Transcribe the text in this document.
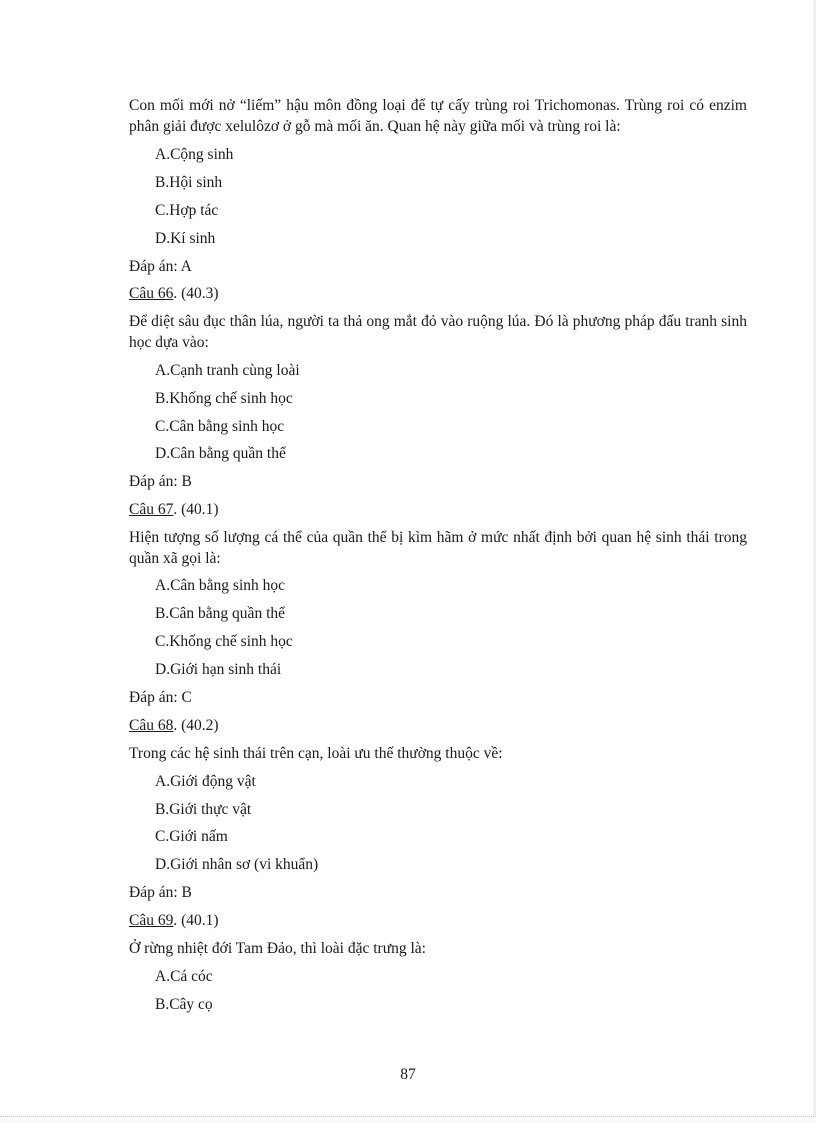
Con mối mới nở “liếm” hậu môn đồng loại để tự cấy trùng roi Trichomonas. Trùng roi có enzim phân giải được xelulôzơ ở gỗ mà mối ăn. Quan hệ này giữa mối và trùng roi là:

A.Cộng sinh
B.Hội sinh
C.Hợp tác
D.Kí sinh
Đáp án: A
Câu 66. (40.3)
Để diệt sâu đục thân lúa, người ta thả ong mắt đỏ vào ruộng lúa. Đó là phương pháp đấu tranh sinh học dựa vào:
A.Cạnh tranh cùng loài
B.Khống chế sinh học
C.Cân bằng sinh học
D.Cân bằng quần thể
Đáp án: B
Câu 67. (40.1)
Hiện tượng số lượng cá thể của quần thể bị kìm hãm ở mức nhất định bởi quan hệ sinh thái trong quần xã gọi là:
A.Cân bằng sinh học
B.Cân bằng quần thể
C.Khống chế sinh học
D.Giới hạn sinh thái
Đáp án: C
Câu 68. (40.2)
Trong các hệ sinh thái trên cạn, loài ưu thế thường thuộc về:
A.Giới động vật
B.Giới thực vật
C.Giới nấm
D.Giới nhân sơ (vi khuẩn)
Đáp án: B
Câu 69. (40.1)
Ở rừng nhiệt đới Tam Đảo, thì loài đặc trưng là:
A.Cá cóc
B.Cây cọ
87
